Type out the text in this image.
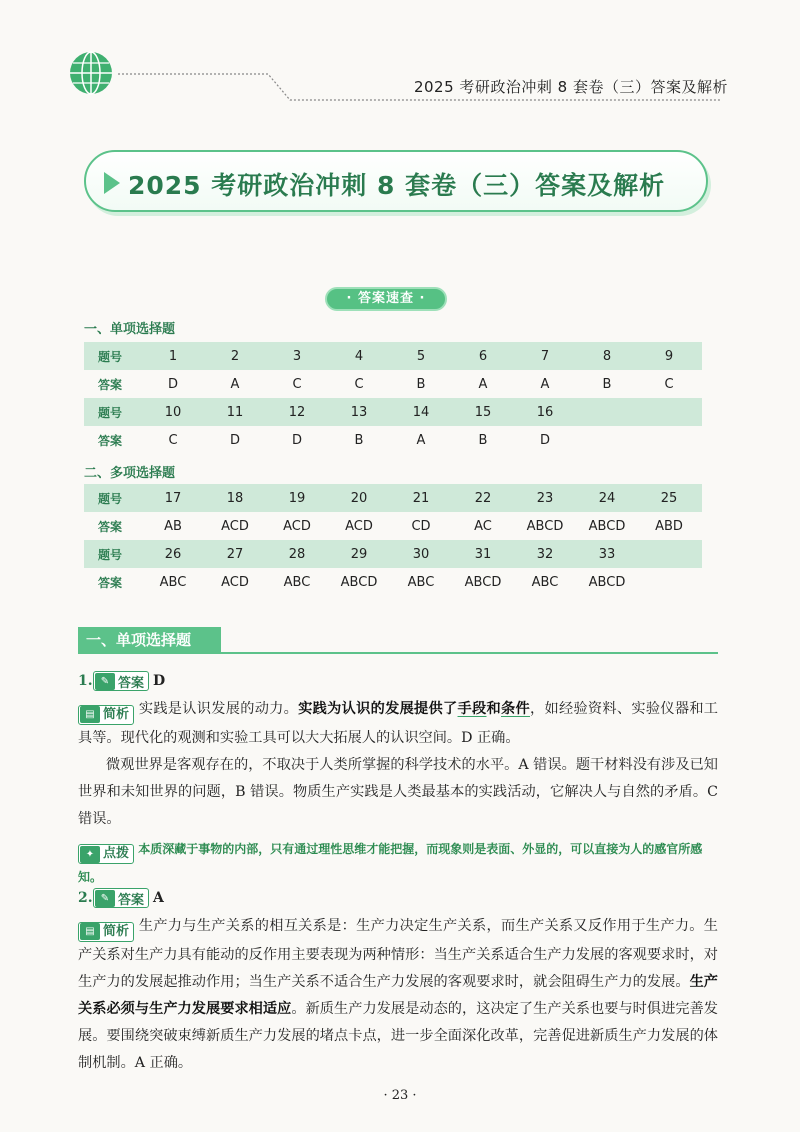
2025 考研政治冲刺 8 套卷（三）答案及解析
2025 考研政治冲刺 8 套卷（三）答案及解析
· 答案速查 ·
一、单项选择题
题号	1	2	3	4	5	6	7	8	9
答案	D	A	C	C	B	A	A	B	C
题号	10	11	12	13	14	15	16
答案	C	D	D	B	A	B	D
二、多项选择题
题号	17	18	19	20	21	22	23	24	25
答案	AB	ACD	ACD	ACD	CD	AC	ABCD	ABCD	ABD
题号	26	27	28	29	30	31	32	33
答案	ABC	ACD	ABC	ABCD	ABC	ABCD	ABC	ABCD
一、单项选择题
1. ✎ 答案 D
▤ 简析 实践是认识发展的动力。实践为认识的发展提供了手段和条件，如经验资料、实验仪器和工具等。现代化的观测和实验工具可以大大拓展人的认识空间。D 正确。
微观世界是客观存在的，不取决于人类所掌握的科学技术的水平。A 错误。题干材料没有涉及已知世界和未知世界的问题，B 错误。物质生产实践是人类最基本的实践活动，它解决人与自然的矛盾。C 错误。
✦ 点拨 本质深藏于事物的内部，只有通过理性思维才能把握，而现象则是表面、外显的，可以直接为人的感官所感知。
2. ✎ 答案 A
▤ 简析 生产力与生产关系的相互关系是：生产力决定生产关系，而生产关系又反作用于生产力。生产关系对生产力具有能动的反作用主要表现为两种情形：当生产关系适合生产力发展的客观要求时，对生产力的发展起推动作用；当生产关系不适合生产力发展的客观要求时，就会阻碍生产力的发展。生产关系必须与生产力发展要求相适应。新质生产力发展是动态的，这决定了生产关系也要与时俱进完善发展。要围绕突破束缚新质生产力发展的堵点卡点，进一步全面深化改革，完善促进新质生产力发展的体制机制。A 正确。
· 23 ·
